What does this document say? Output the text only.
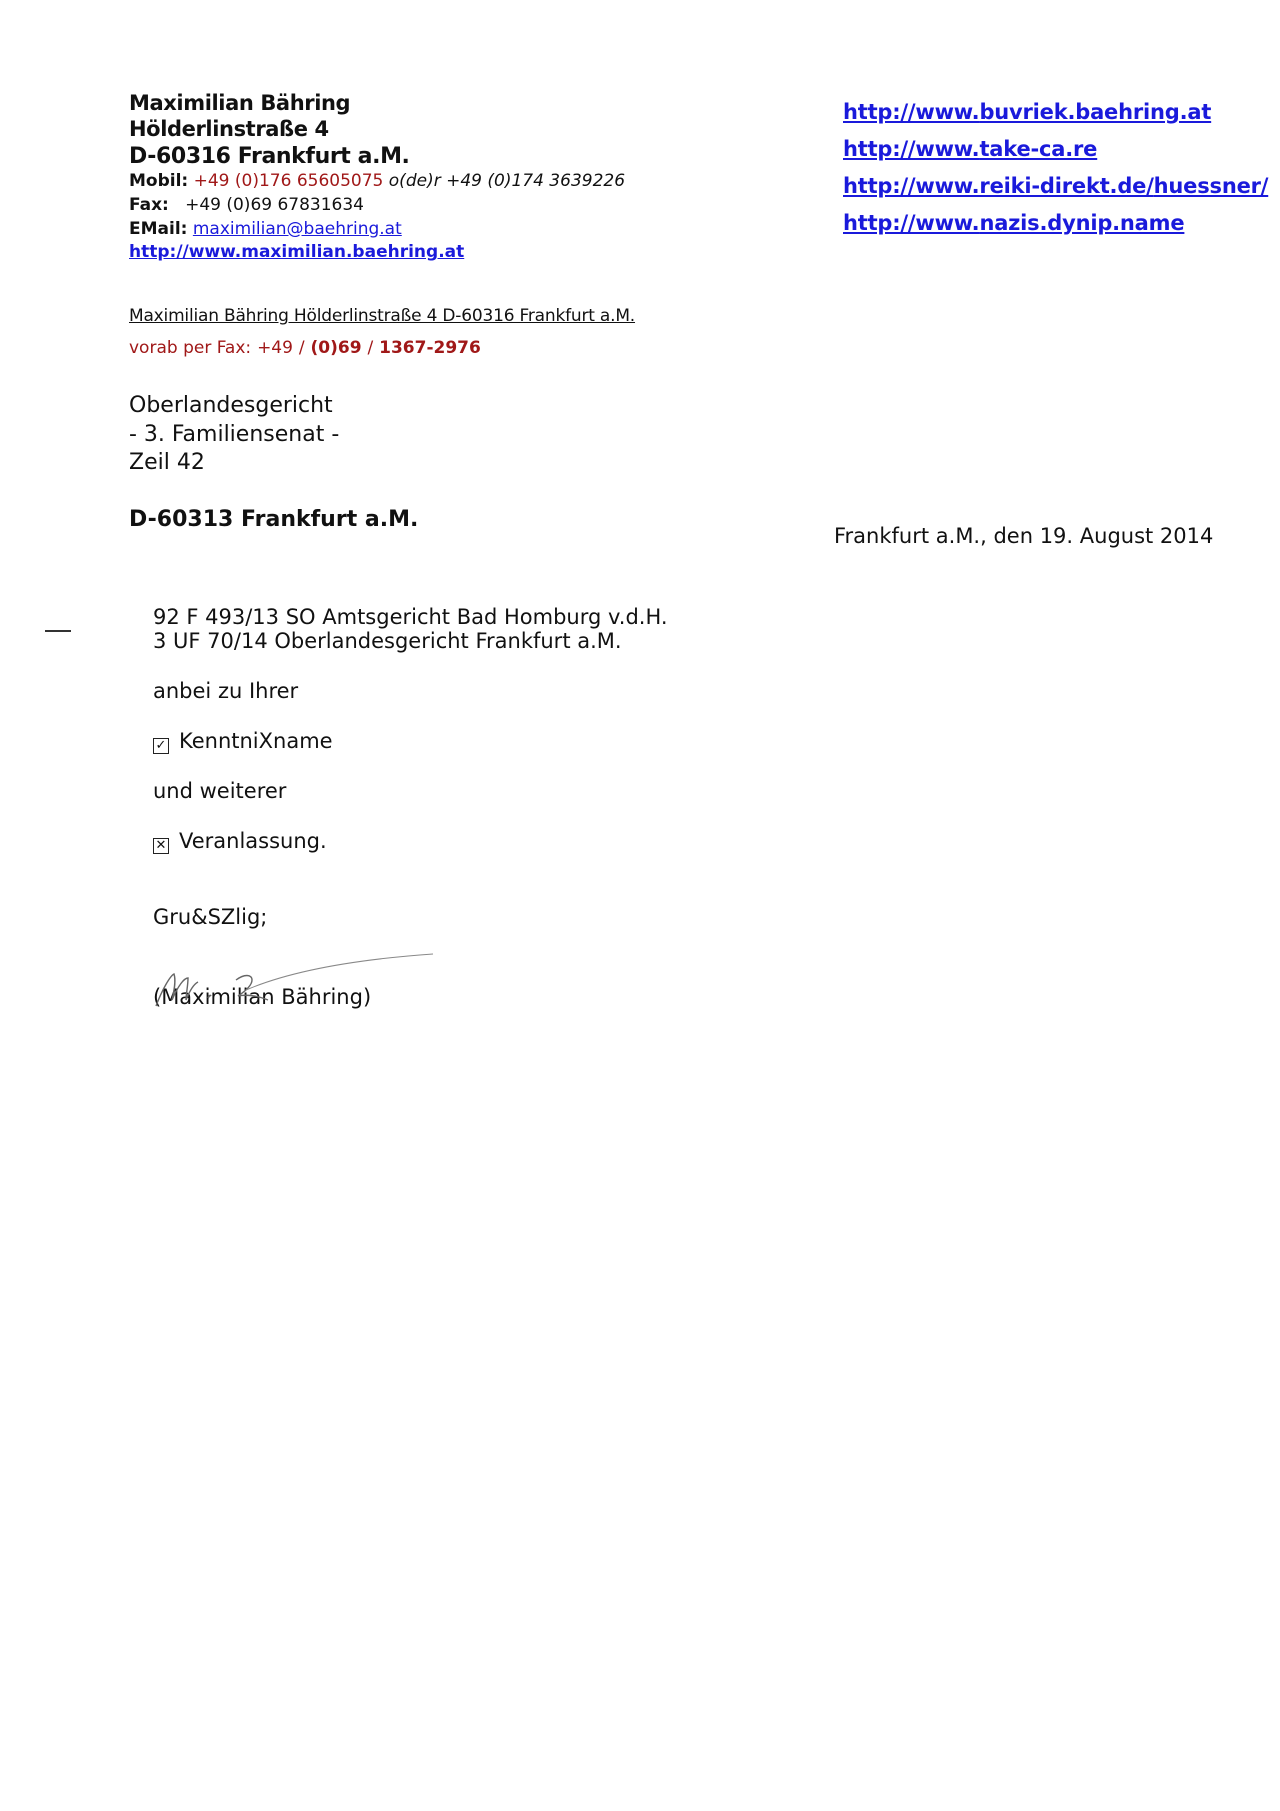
Maximilian Bähring
Hölderlinstraße 4
D-60316 Frankfurt a.M.
Mobil: +49 (0)176 65605075 o(de)r +49 (0)174 3639226
Fax: +49 (0)69 67831634
EMail: maximilian@baehring.at
http://www.maximilian.baehring.at
http://www.buvriek.baehring.at
http://www.take-ca.re
http://www.reiki-direkt.de/huessner/
http://www.nazis.dynip.name
Maximilian Bähring Hölderlinstraße 4 D-60316 Frankfurt a.M.
vorab per Fax: +49 / (0)69 / 1367-2976
Oberlandesgericht
- 3. Familiensenat -
Zeil 42
D-60313 Frankfurt a.M.
Frankfurt a.M., den 19. August 2014
92 F 493/13 SO Amtsgericht Bad Homburg v.d.H.
3 UF 70/14 Oberlandesgericht Frankfurt a.M.
anbei zu Ihrer
✓ KenntniXname
und weiterer
✕ Veranlassung.
Gru&SZlig;
(Maximilian Bähring)
